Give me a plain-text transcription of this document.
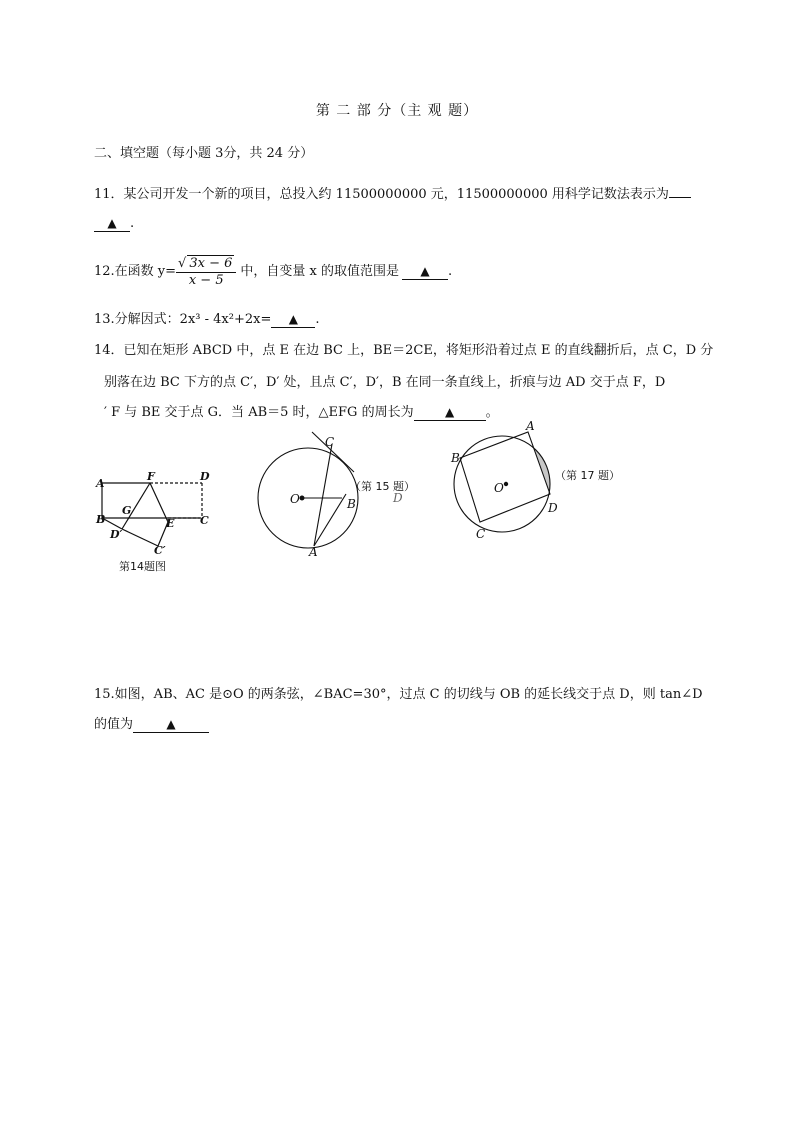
第 二 部 分（主 观 题）
二、填空题（每小题 3分，共 24 分）
11．某公司开发一个新的项目，总投入约 11500000000 元，11500000000 用科学记数法表示为
▲ .
12.在函数 $y= \frac{√ 3x - 6}{x - 5}$ 中，自变量 x 的取值范围是 ▲ .
13.分解因式：2x³ - 4x²+2x= ▲ .
14．已知在矩形 ABCD 中，点 E 在边 BC 上，BE＝2CE，将矩形沿着过点 E 的直线翻折后，点 C，D 分
别落在边 BC 下方的点 C′，D′ 处，且点 C′，D′，B 在同一条直线上，折痕与边 AD 交于点 F，D
′ F 与 BE 交于点 G．当 AB＝5 时，△EFG 的周长为	▲ 。
A
F	D
B
G
E C
D′
C′
第14题图
C
O	B
A
D
（第 15 题）
A
B
O
D
C
（第 17 题）
15.如图，AB、AC 是⊙O 的两条弦，∠BAC=30°，过点 C 的切线与 OB 的延长线交于点 D，则 tan∠D
的值为	▲
